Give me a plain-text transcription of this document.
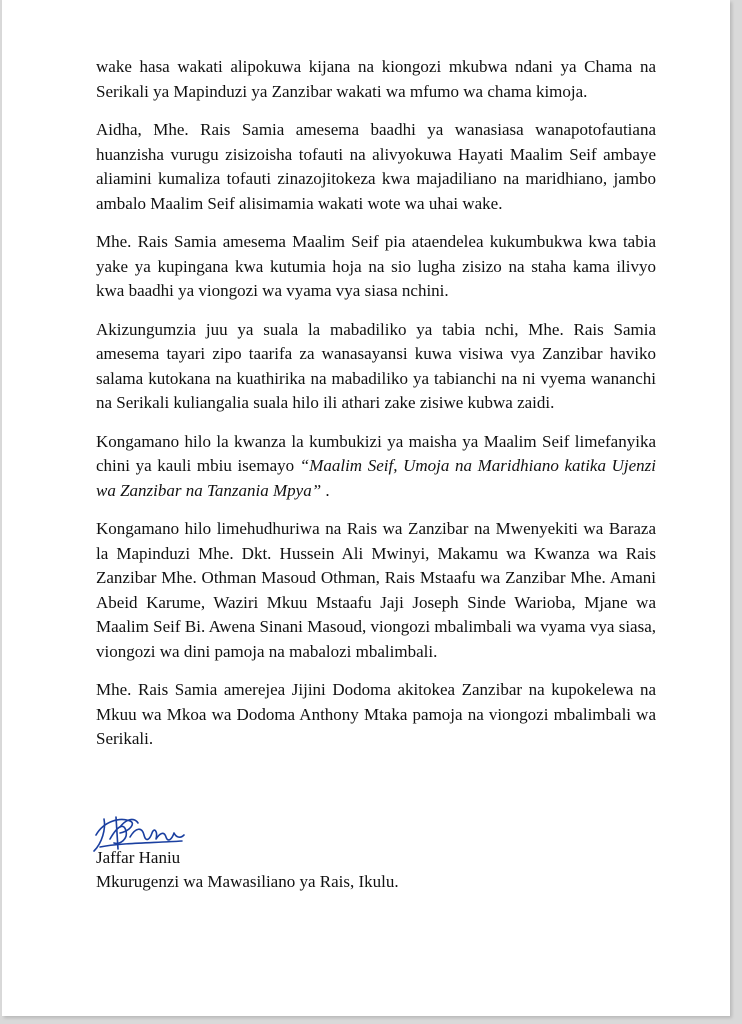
wake hasa wakati alipokuwa kijana na kiongozi mkubwa ndani ya Chama na Serikali ya Mapinduzi ya Zanzibar wakati wa mfumo wa chama kimoja.

Aidha, Mhe. Rais Samia amesema baadhi ya wanasiasa wanapotofautiana huanzisha vurugu zisizoisha tofauti na alivyokuwa Hayati Maalim Seif ambaye aliamini kumaliza tofauti zinazojitokeza kwa majadiliano na maridhiano, jambo ambalo Maalim Seif alisimamia wakati wote wa uhai wake.

Mhe. Rais Samia amesema Maalim Seif pia ataendelea kukumbukwa kwa tabia yake ya kupingana kwa kutumia hoja na sio lugha zisizo na staha kama ilivyo kwa baadhi ya viongozi wa vyama vya siasa nchini.

Akizungumzia juu ya suala la mabadiliko ya tabia nchi, Mhe. Rais Samia amesema tayari zipo taarifa za wanasayansi kuwa visiwa vya Zanzibar haviko salama kutokana na kuathirika na mabadiliko ya tabianchi na ni vyema wananchi na Serikali kuliangalia suala hilo ili athari zake zisiwe kubwa zaidi.

Kongamano hilo la kwanza la kumbukizi ya maisha ya Maalim Seif limefanyika chini ya kauli mbiu isemayo “Maalim Seif, Umoja na Maridhiano katika Ujenzi wa Zanzibar na Tanzania Mpya” .

Kongamano hilo limehudhuriwa na Rais wa Zanzibar na Mwenyekiti wa Baraza la Mapinduzi Mhe. Dkt. Hussein Ali Mwinyi, Makamu wa Kwanza wa Rais Zanzibar Mhe. Othman Masoud Othman, Rais Mstaafu wa Zanzibar Mhe. Amani Abeid Karume, Waziri Mkuu Mstaafu Jaji Joseph Sinde Warioba, Mjane wa Maalim Seif Bi. Awena Sinani Masoud, viongozi mbalimbali wa vyama vya siasa, viongozi wa dini pamoja na mabalozi mbalimbali.

Mhe. Rais Samia amerejea Jijini Dodoma akitokea Zanzibar na kupokelewa na Mkuu wa Mkoa wa Dodoma Anthony Mtaka pamoja na viongozi mbalimbali wa Serikali.

Jaffar Haniu
Mkurugenzi wa Mawasiliano ya Rais, Ikulu.
